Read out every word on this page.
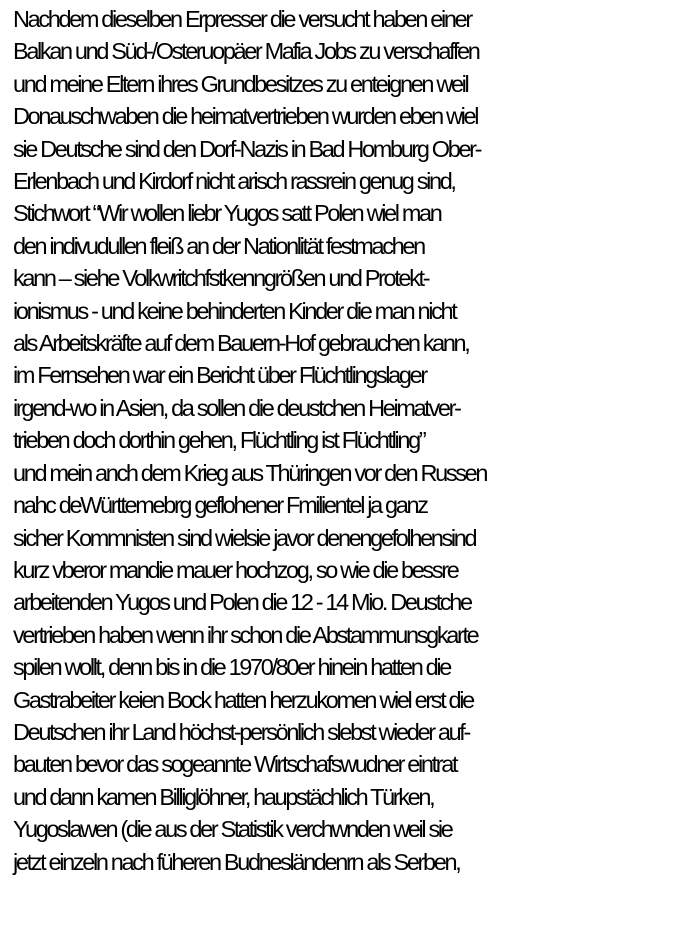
Nachdem dieselben Erpresser die versucht haben einer
Balkan und Süd-/Osteruopäer Mafia Jobs zu verschaffen
und meine Eltern ihres Grundbesitzes zu enteignen weil
Donauschwaben die heimatvertrieben wurden eben wiel
sie Deutsche sind den Dorf-Nazis in Bad Homburg Ober-
Erlenbach und Kirdorf nicht arisch rassrein genug sind,
Stichwort “Wir wollen liebr Yugos satt Polen wiel man
den indivudullen fleiß an der Nationlität festmachen
kann – siehe Volkwritchfstkenngrößen und Protekt-
ionismus - und keine behinderten Kinder die man nicht
als Arbeitskräfte auf dem Bauern-Hof gebrauchen kann,
im Fernsehen war ein Bericht über Flüchtlingslager
irgend-wo in Asien, da sollen die deustchen Heimatver-
trieben doch dorthin gehen, Flüchtling ist Flüchtling”
und mein anch dem Krieg aus Thüringen vor den Russen
nahc deWürttemebrg geflohener Fmilientel ja ganz
sicher Kommnisten sind wielsie javor denengefolhensind
kurz vberor mandie mauer hochzog, so wie die bessre
arbeitenden Yugos und Polen die 12 - 14 Mio. Deustche
vertrieben haben wenn ihr schon die Abstammunsgkarte
spilen wollt, denn bis in die 1970/80er hinein hatten die
Gastrabeiter keien Bock hatten herzukomen wiel erst die
Deutschen ihr Land höchst-persönlich slebst wieder auf-
bauten bevor das sogeannte Wirtschafswudner eintrat
und dann kamen Billiglöhner, haupstächlich Türken,
Yugoslawen (die aus der Statistik verchwnden weil sie
jetzt einzeln nach füheren Budnesländenrn als Serben,
